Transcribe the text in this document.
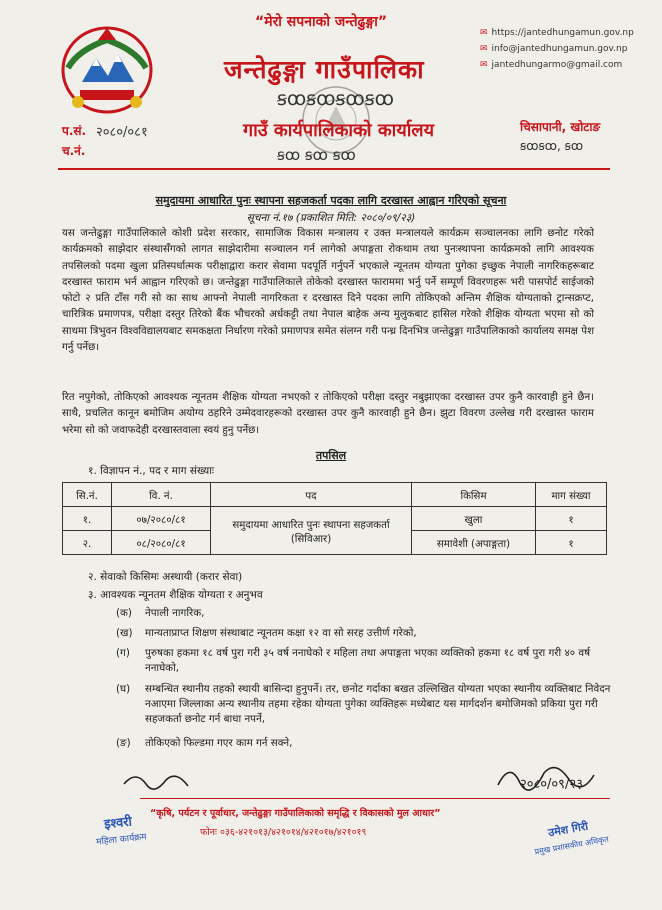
“मेरो सपनाको जन्तेढुङ्गा”
जन्तेढुङ्गा गाउँपालिका
ꞩꝏꞩꝏꞩꝏꞩꝏ
गाउँ कार्यपालिकाको कार्यालय
ꞩꝏ ꞩꝏ ꞩꝏ
✉ https://jantedhungamun.gov.np
✉ info@jantedhungamun.gov.np
✉ jantedhungarmo@gmail.com
प.सं. २०८०/०८१
च.नं.
चिसापानी, खोटाङ
ꞩꝏꞩꝏ, ꞩꝏ
समुदायमा आधारित पुनः स्थापना सहजकर्ता पदका लागि दरखास्त आह्वान गरिएको सूचना
सूचना नं.१७ (प्रकाशित मिति: २०८०/०९/२३)
यस जन्तेढुङ्गा गाउँपालिकाले कोशी प्रदेश सरकार, सामाजिक विकास मन्त्रालय र उक्त मन्त्रालयले कार्यक्रम सञ्चालनका लागि छनोट गरेको कार्यक्रमको साझेदार संस्थासँगको लागत साझेदारीमा सञ्चालन गर्न लागेको अपाङ्गता रोकथाम तथा पुनःस्थापना कार्यक्रमको लागि आवश्यक तपसिलको पदमा खुला प्रतिस्पर्धात्मक परीक्षाद्वारा करार सेवामा पदपूर्ति गर्नुपर्ने भएकाले न्यूनतम योग्यता पुगेका इच्छुक नेपाली नागरिकहरूबाट दरखास्त फाराम भर्न आह्वान गरिएको छ। जन्तेढुङ्गा गाउँपालिकाले तोकेको दरखास्त फाराममा भर्नु पर्ने सम्पूर्ण विवरणहरू भरी पासपोर्ट साईजको फोटो २ प्रति टाँस गरी सो का साथ आफ्नो नेपाली नागरिकता र दरखास्त दिने पदका लागि तोकिएको अन्तिम शैक्षिक योग्यताको ट्रान्सक्रप्ट, चारित्रिक प्रमाणपत्र, परीक्षा दस्तुर तिरेको बैंक भौचरको अर्धकट्टी तथा नेपाल बाहेक अन्य मुलुकबाट हासिल गरेको शैक्षिक योग्यता भएमा सो को साथमा त्रिभुवन विश्वविद्यालयबाट समकक्षता निर्धारण गरेको प्रमाणपत्र समेत संलग्न गरी पन्ध्र दिनभित्र जन्तेढुङ्गा गाउँपालिकाको कार्यालय समक्ष पेश गर्नु पर्नेछ।
रित नपुगेको, तोकिएको आवश्यक न्यूनतम शैक्षिक योग्यता नभएको र तोकिएको परीक्षा दस्तुर नबुझाएका दरखास्त उपर कुनै कारवाही हुने छैन। साथै, प्रचलित कानून बमोजिम अयोग्य ठहरिने उम्मेदवारहरूको दरखास्त उपर कुनै कारवाही हुने छैन। झुटा विवरण उल्लेख गरी दरखास्त फाराम भरेमा सो को जवाफदेही दरखास्तवाला स्वयं हुनु पर्नेछ।
तपसिल
१. विज्ञापन नं., पद र माग संख्याः
सि.नं.	वि. नं.	पद	किसिम	माग संख्या
१.	०७/२०८०/८१	समुदायमा आधारित पुनः स्थापना सहजकर्ता (सिविआर)	खुला	१
२.	०८/२०८०/८१		समावेशी (अपाङ्गता)	१
२. सेवाको किसिमः अस्थायी (करार सेवा)
३. आवश्यक न्यूनतम शैक्षिक योग्यता र अनुभव
(क) नेपाली नागरिक,
(ख) मान्यताप्राप्त शिक्षण संस्थाबाट न्यूनतम कक्षा १२ वा सो सरह उत्तीर्ण गरेको,
(ग) पुरुषका हकमा १८ वर्ष पुरा गरी ३५ वर्ष ननाघेको र महिला तथा अपाङ्गता भएका व्यक्तिको हकमा १८ वर्ष पुरा गरी ४० वर्ष ननाघेको,
(घ) सम्बन्धित स्थानीय तहको स्थायी बासिन्दा हुनुपर्ने। तर, छनोट गर्दाका बखत उल्लिखित योग्यता भएका स्थानीय व्यक्तिबाट निवेदन नआएमा जिल्लाका अन्य स्थानीय तहमा रहेका योग्यता पुगेका व्यक्तिहरू मध्येबाट यस मार्गदर्शन बमोजिमको प्रकिया पुरा गरी सहजकर्ता छनोट गर्न बाधा नपर्ने,
(ङ) तोकिएको फिल्डमा गएर काम गर्न सक्ने,
२०८०/०९/२३
इश्वरी
महिला कार्यक्रम
उमेश गिरी
प्रमुख प्रशासकीय अधिकृत
“कृषि, पर्यटन र पूर्वाधार, जन्तेढुङ्गा गाउँपालिकाको समृद्धि र विकासको मुल आधार”
फोनः ०३६-४२१०१३/४२१०१४/४२१०१७/४२१०१९
